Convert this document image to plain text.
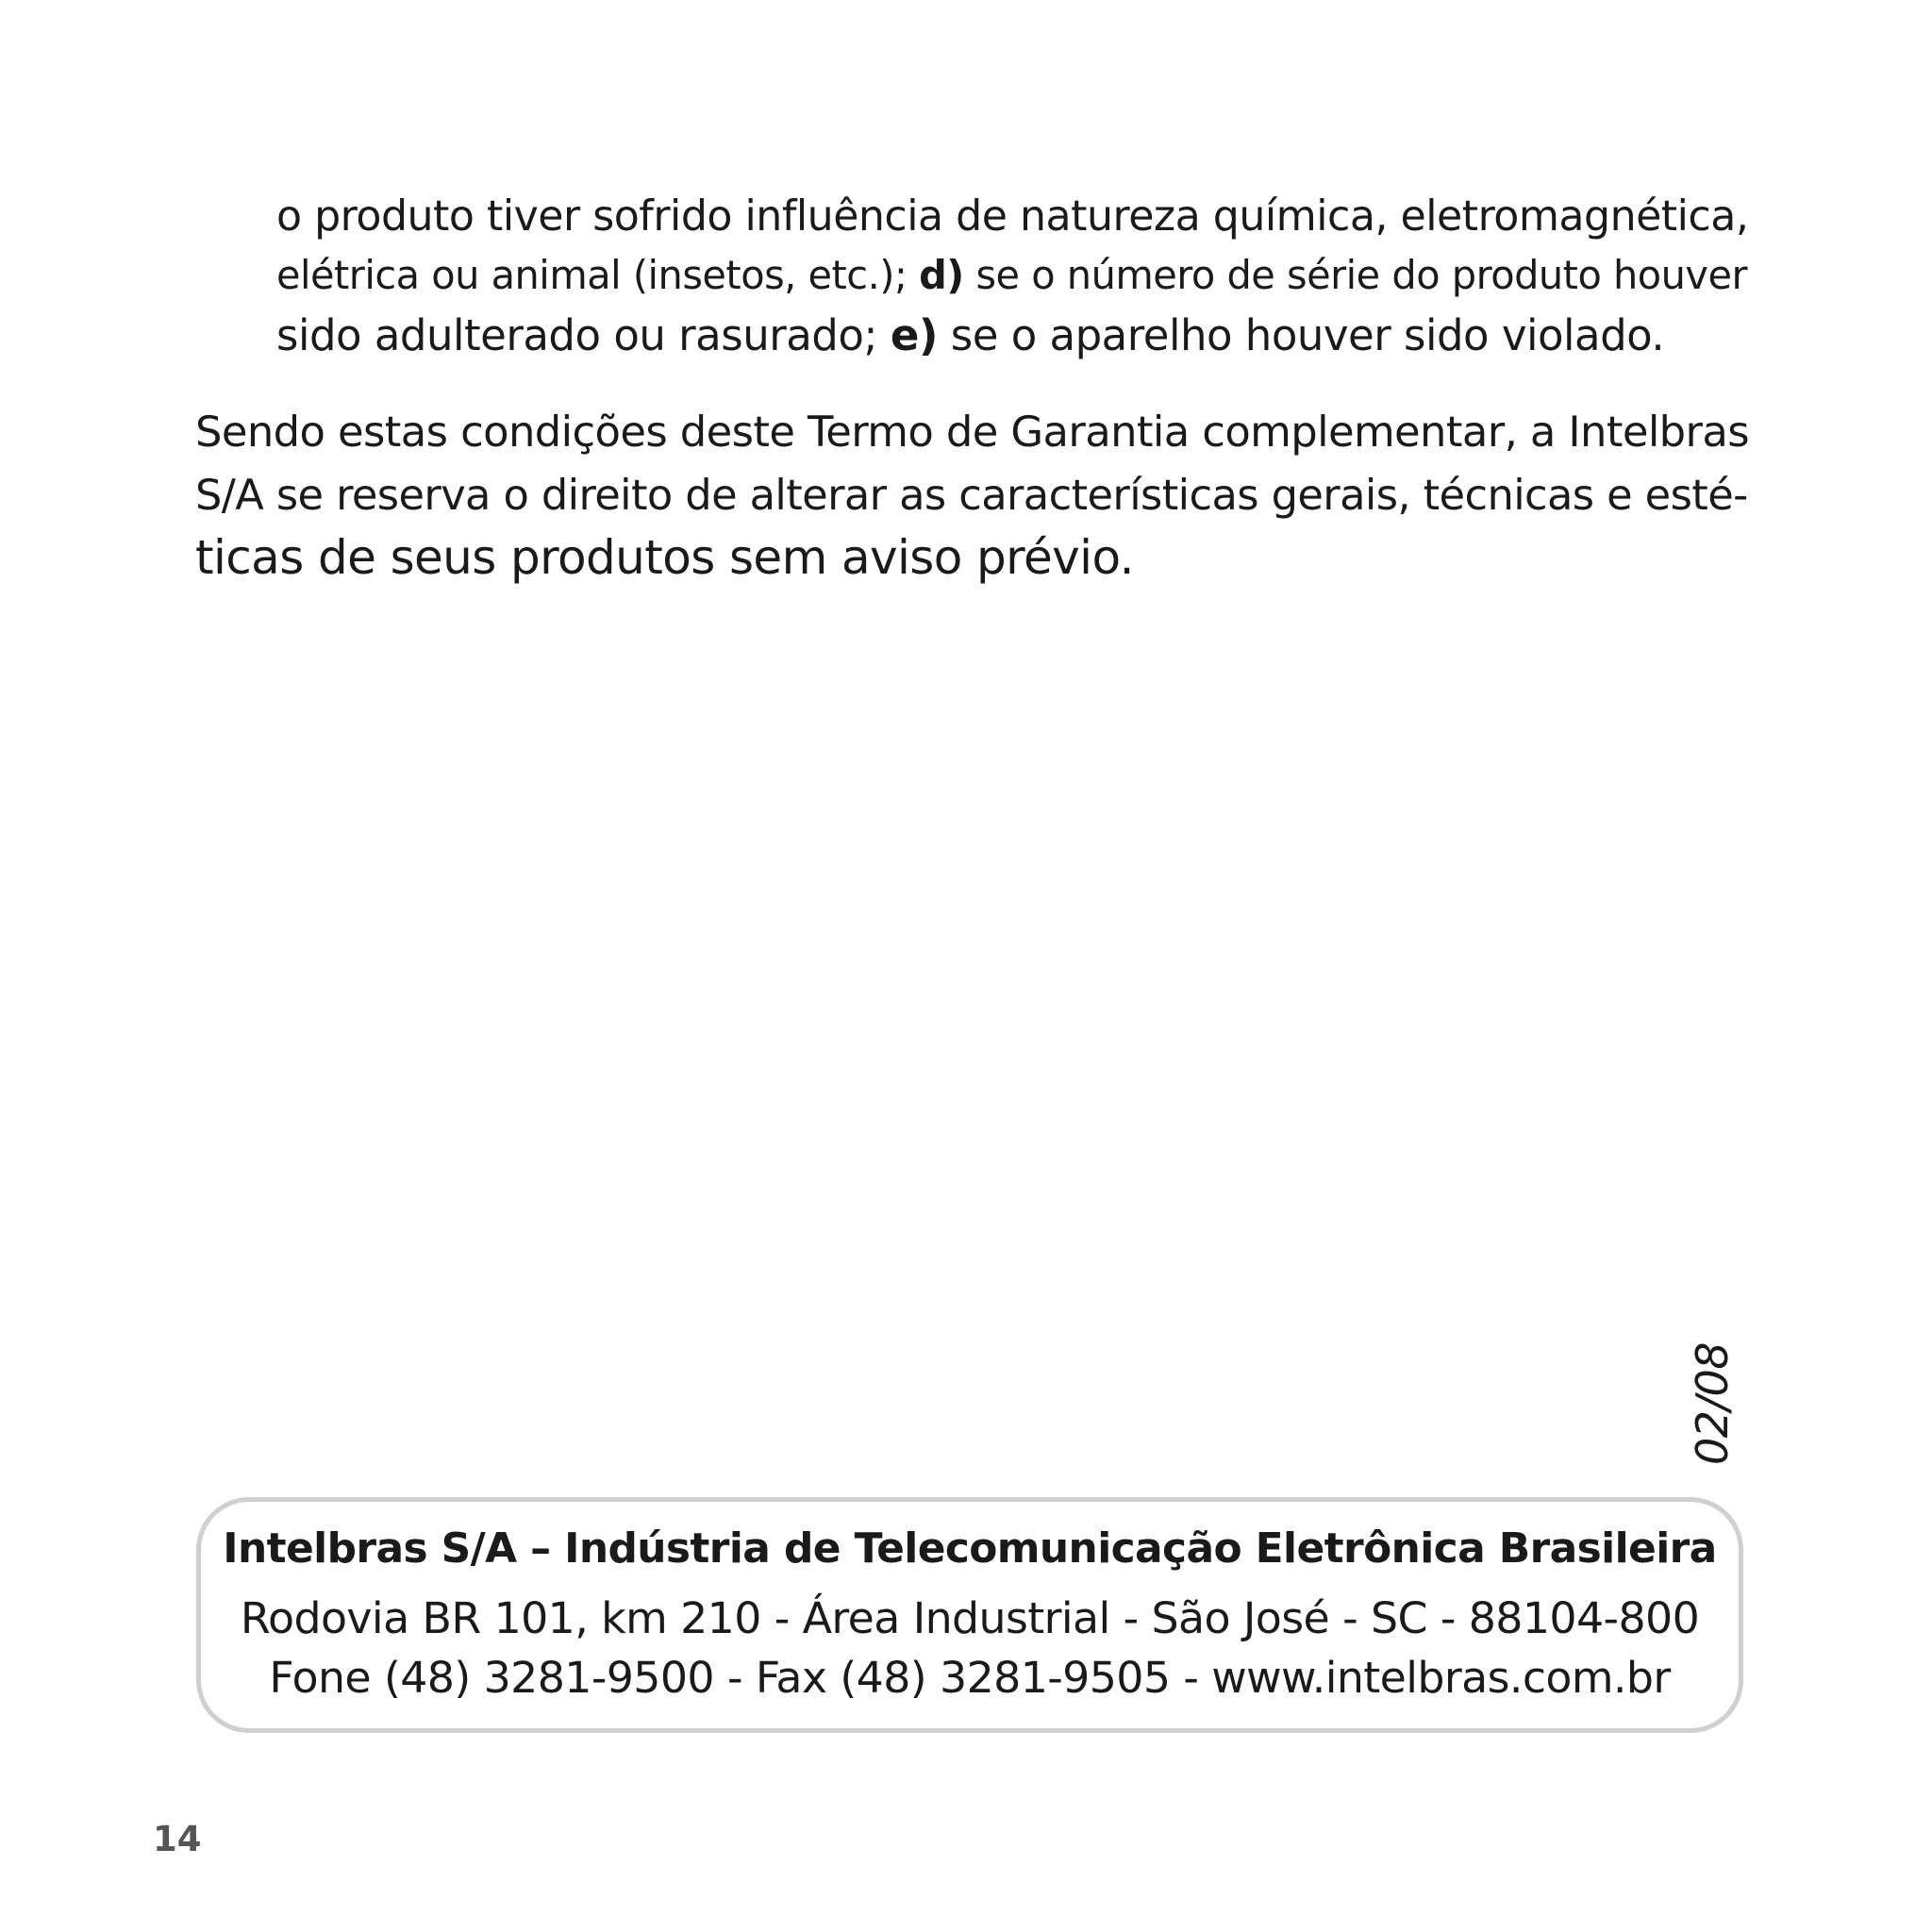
o produto tiver sofrido influência de natureza química, eletromagnética,
elétrica ou animal (insetos, etc.); d) se o número de série do produto houver
sido adulterado ou rasurado; e) se o aparelho houver sido violado.
Sendo estas condições deste Termo de Garantia complementar, a Intelbras
S/A se reserva o direito de alterar as características gerais, técnicas e esté-
ticas de seus produtos sem aviso prévio.
02/08
Intelbras S/A – Indústria de Telecomunicação Eletrônica Brasileira
Rodovia BR 101, km 210 - Área Industrial - São José - SC - 88104-800
Fone (48) 3281-9500 - Fax (48) 3281-9505 - www.intelbras.com.br
14
